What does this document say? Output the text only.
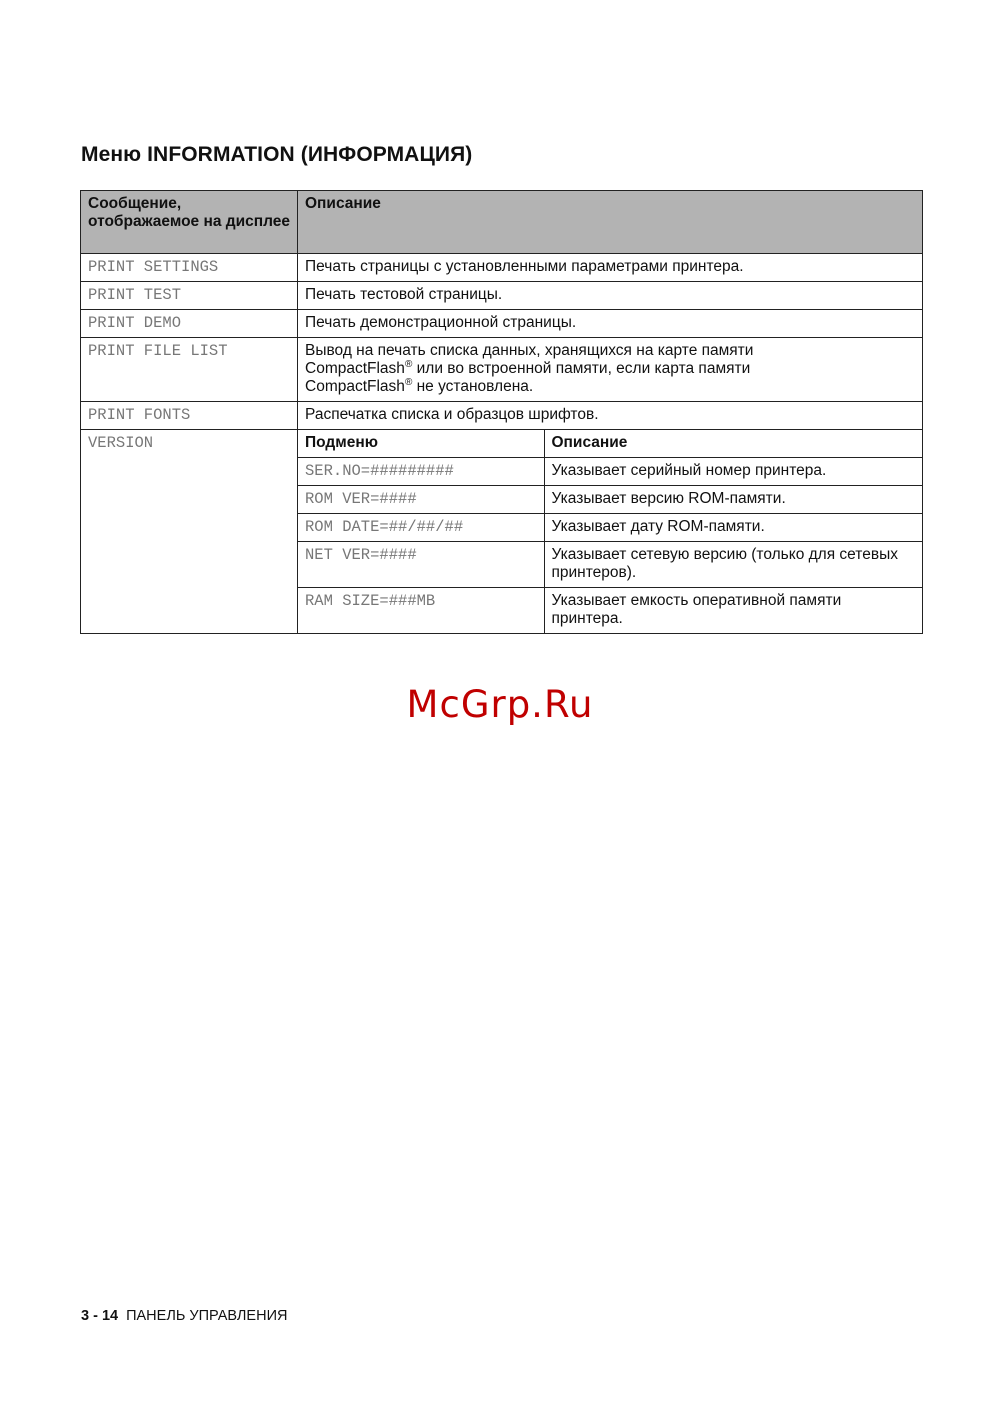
Меню INFORMATION (ИНФОРМАЦИЯ)
Сообщение, отображаемое на дисплее	Описание
PRINT SETTINGS	Печать страницы с установленными параметрами принтера.
PRINT TEST	Печать тестовой страницы.
PRINT DEMO	Печать демонстрационной страницы.
PRINT FILE LIST	Вывод на печать списка данных, хранящихся на карте памяти
CompactFlash® или во встроенной памяти, если карта памяти
CompactFlash® не установлена.
PRINT FONTS	Распечатка списка и образцов шрифтов.
VERSION		Подменю	Описание
SER.NO=#########	Указывает серийный номер принтера.
ROM VER=####	Указывает версию ROM-памяти.
ROM DATE=##/##/##	Указывает дату ROM-памяти.
NET VER=####	Указывает сетевую версию (только для сетевых принтеров).
RAM SIZE=###MB	Указывает емкость оперативной памяти принтера.
McGrp.Ru
3 - 14 ПАНЕЛЬ УПРАВЛЕНИЯ
